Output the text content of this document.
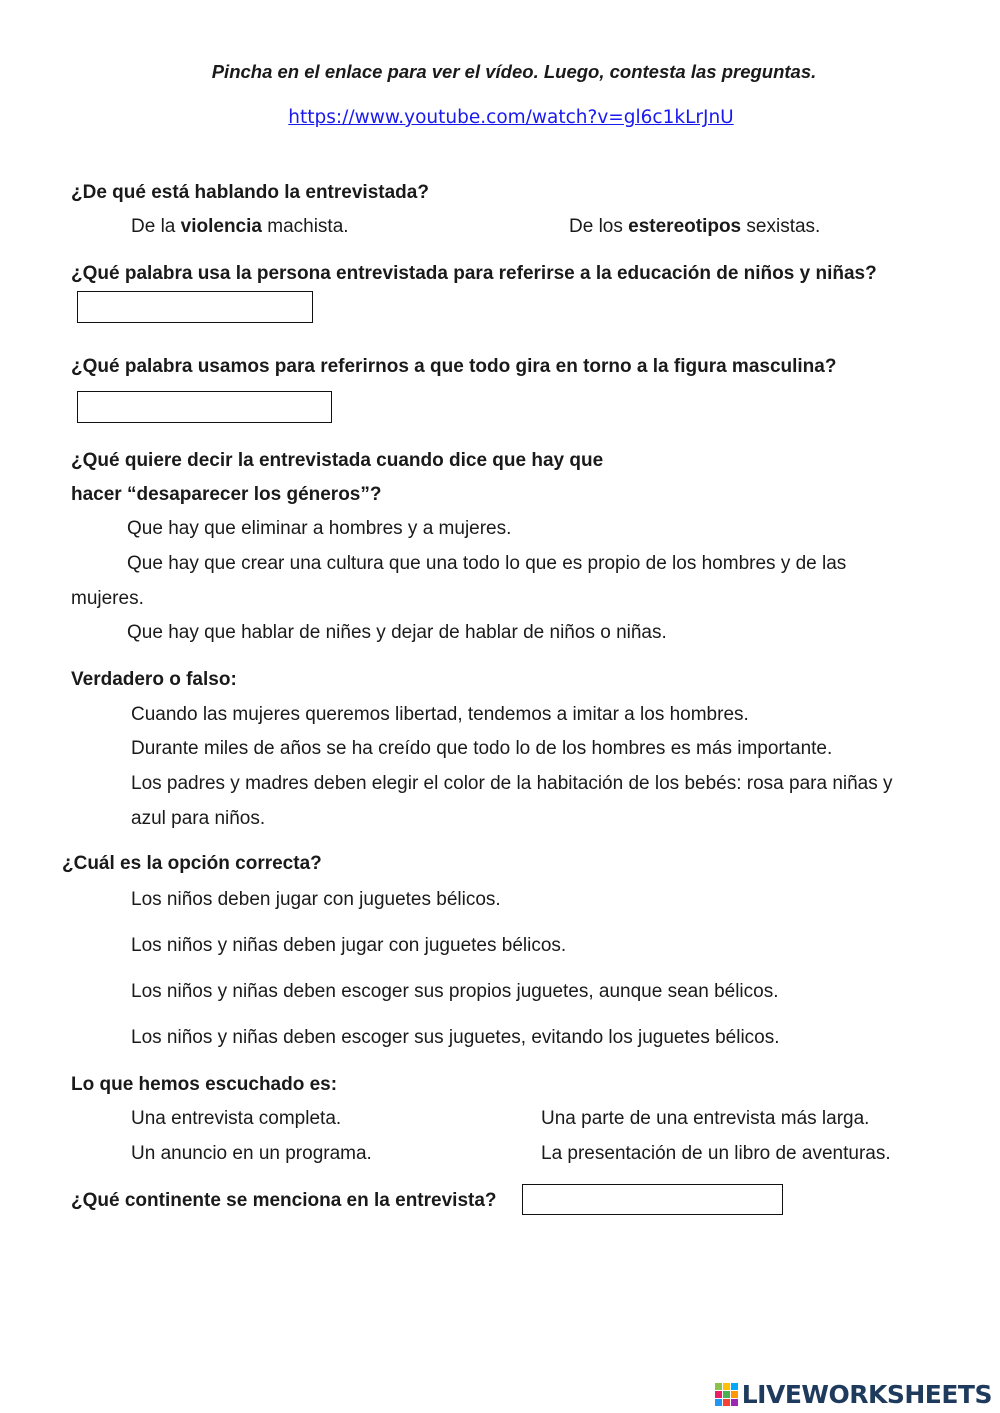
Pincha en el enlace para ver el vídeo. Luego, contesta las preguntas.
https://www.youtube.com/watch?v=gl6c1kLrJnU
¿De qué está hablando la entrevistada?
De la violencia machista.	De los estereotipos sexistas.
¿Qué palabra usa la persona entrevistada para referirse a la educación de niños y niñas?
¿Qué palabra usamos para referirnos a que todo gira en torno a la figura masculina?
¿Qué quiere decir la entrevistada cuando dice que hay que
hacer “desaparecer los géneros”?
Que hay que eliminar a hombres y a mujeres.
Que hay que crear una cultura que una todo lo que es propio de los hombres y de las
mujeres.
Que hay que hablar de niñes y dejar de hablar de niños o niñas.
Verdadero o falso:
Cuando las mujeres queremos libertad, tendemos a imitar a los hombres.
Durante miles de años se ha creído que todo lo de los hombres es más importante.
Los padres y madres deben elegir el color de la habitación de los bebés: rosa para niñas y
azul para niños.
¿Cuál es la opción correcta?
Los niños deben jugar con juguetes bélicos.
Los niños y niñas deben jugar con juguetes bélicos.
Los niños y niñas deben escoger sus propios juguetes, aunque sean bélicos.
Los niños y niñas deben escoger sus juguetes, evitando los juguetes bélicos.
Lo que hemos escuchado es:
Una entrevista completa.	Una parte de una entrevista más larga.
Un anuncio en un programa.	La presentación de un libro de aventuras.
¿Qué continente se menciona en la entrevista?
LIVEWORKSHEETS
